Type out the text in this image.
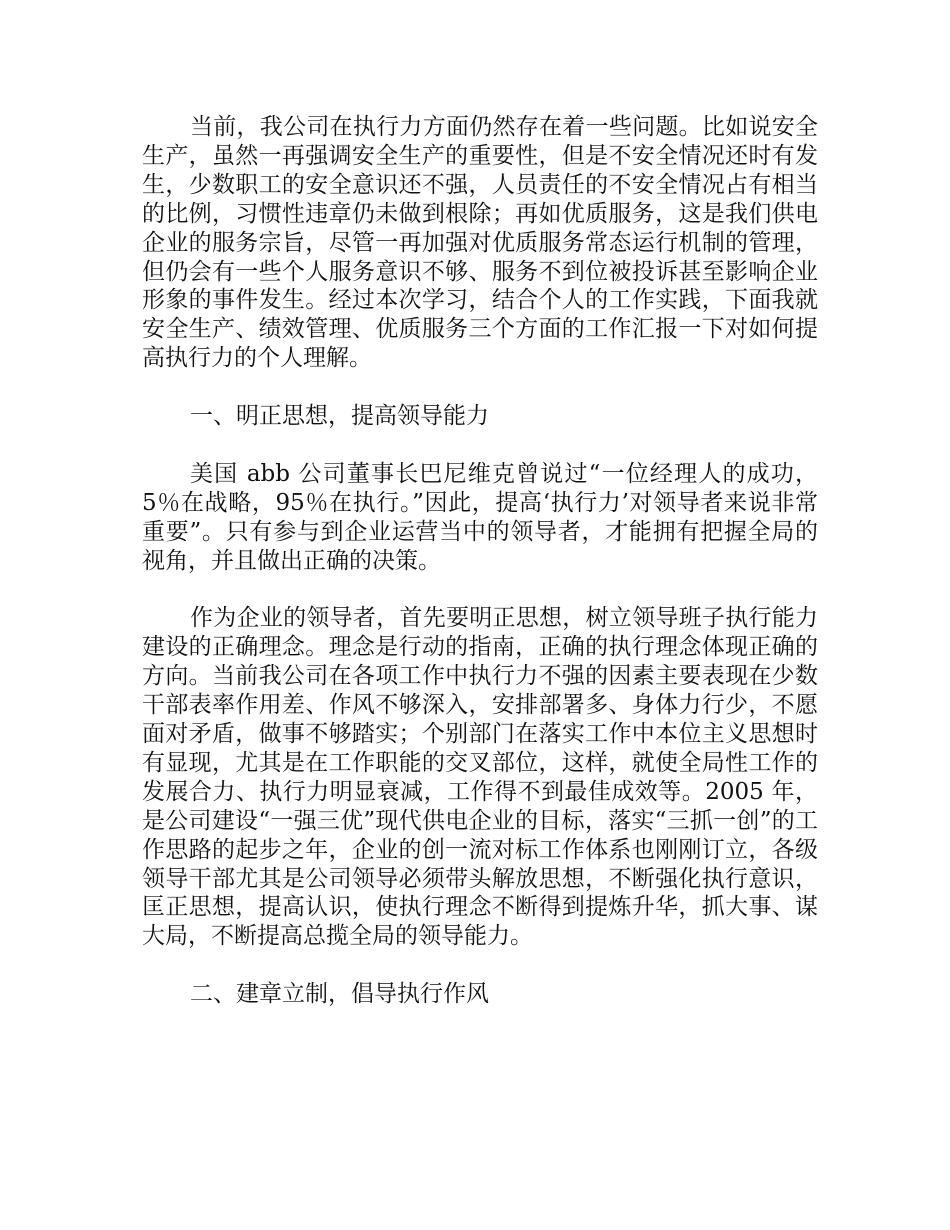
当前，我公司在执行力方面仍然存在着一些问题。比如说安全生产，虽然一再强调安全生产的重要性，但是不安全情况还时有发生，少数职工的安全意识还不强，人员责任的不安全情况占有相当的比例，习惯性违章仍未做到根除；再如优质服务，这是我们供电企业的服务宗旨，尽管一再加强对优质服务常态运行机制的管理，但仍会有一些个人服务意识不够、服务不到位被投诉甚至影响企业形象的事件发生。经过本次学习，结合个人的工作实践，下面我就安全生产、绩效管理、优质服务三个方面的工作汇报一下对如何提高执行力的个人理解。

一、明正思想，提高领导能力

美国 abb 公司董事长巴尼维克曾说过“一位经理人的成功，5％在战略，95％在执行。”因此，提高‘执行力’对领导者来说非常重要”。只有参与到企业运营当中的领导者，才能拥有把握全局的视角，并且做出正确的决策。

作为企业的领导者，首先要明正思想，树立领导班子执行能力建设的正确理念。理念是行动的指南，正确的执行理念体现正确的方向。当前我公司在各项工作中执行力不强的因素主要表现在少数干部表率作用差、作风不够深入，安排部署多、身体力行少，不愿面对矛盾，做事不够踏实；个别部门在落实工作中本位主义思想时有显现，尤其是在工作职能的交叉部位，这样，就使全局性工作的发展合力、执行力明显衰减，工作得不到最佳成效等。2005 年，是公司建设“一强三优”现代供电企业的目标，落实“三抓一创”的工作思路的起步之年，企业的创一流对标工作体系也刚刚订立，各级领导干部尤其是公司领导必须带头解放思想，不断强化执行意识，匡正思想，提高认识，使执行理念不断得到提炼升华，抓大事、谋大局，不断提高总揽全局的领导能力。

二、建章立制，倡导执行作风
